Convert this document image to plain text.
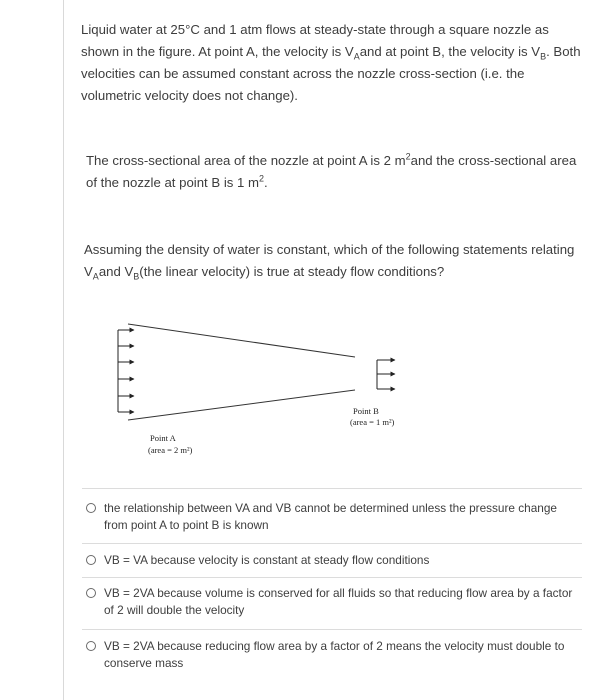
Liquid water at 25°C and 1 atm flows at steady-state through a square nozzle as shown in the figure. At point A, the velocity is $V_Aand$ at point B, the velocity is $V_B$. Both velocities can be assumed constant across the nozzle cross-section (i.e. the volumetric velocity does not change).

The cross-sectional area of the nozzle at point A is 2 $m^2and$ the cross-sectional area of the nozzle at point B is 1 $m^2$.

Assuming the density of water is constant, which of the following statements relating $V_Aand$ $V_B(the$ linear velocity) is true at steady flow conditions?

Point B
(area = 1 m²)
Point A
(area = 2 m²)
the relationship between VA and VB cannot be determined unless the pressure change from point A to point B is known
VB = VA because velocity is constant at steady flow conditions
VB = 2VA because volume is conserved for all fluids so that reducing flow area by a factor of 2 will double the velocity
VB = 2VA because reducing flow area by a factor of 2 means the velocity must double to conserve mass
